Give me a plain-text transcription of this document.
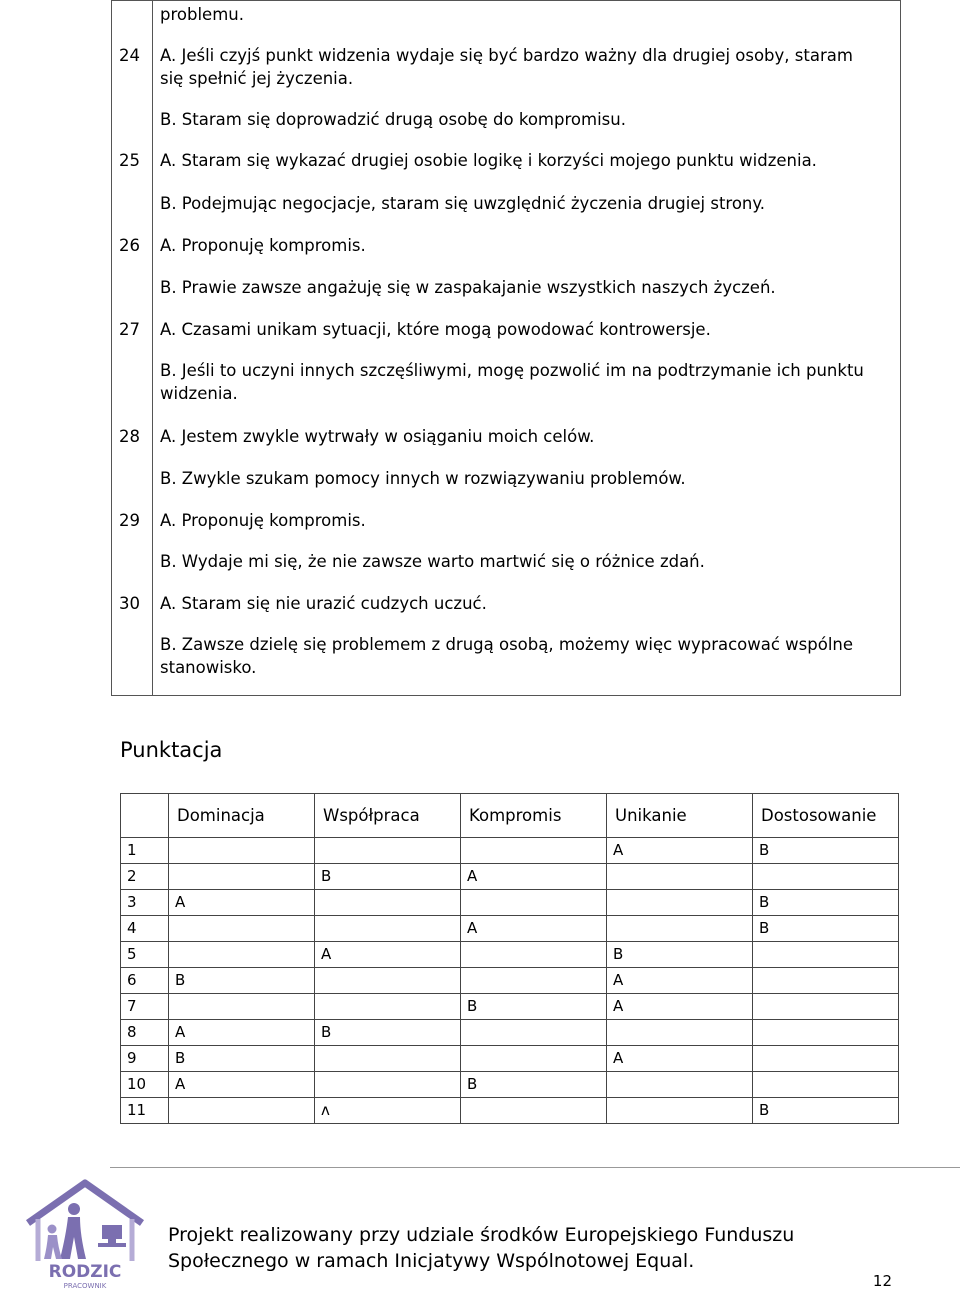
problemu.
24 A. Jeśli czyjś punkt widzenia wydaje się być bardzo ważny dla drugiej osoby, staram
się spełnić jej życzenia.
B. Staram się doprowadzić drugą osobę do kompromisu.
25 A. Staram się wykazać drugiej osobie logikę i korzyści mojego punktu widzenia.
B. Podejmując negocjacje, staram się uwzględnić życzenia drugiej strony.
26 A. Proponuję kompromis.
B. Prawie zawsze angażuję się w zaspakajanie wszystkich naszych życzeń.
27 A. Czasami unikam sytuacji, które mogą powodować kontrowersje.
B. Jeśli to uczyni innych szczęśliwymi, mogę pozwolić im na podtrzymanie ich punktu
widzenia.
28 A. Jestem zwykle wytrwały w osiąganiu moich celów.
B. Zwykle szukam pomocy innych w rozwiązywaniu problemów.
29 A. Proponuję kompromis.
B. Wydaje mi się, że nie zawsze warto martwić się o różnice zdań.
30 A. Staram się nie urazić cudzych uczuć.
B. Zawsze dzielę się problemem z drugą osobą, możemy więc wypracować wspólne
stanowisko.
Punktacja
	Dominacja	Współpraca	Kompromis	Unikanie	Dostosowanie
1				A	B
2		B	A		
3	A				B
4			A		B
5		A		B	
6	B			A	
7			B	A	
8	A	B			
9	B			A	
10	A		B		
11		ʌ			B
RODZIC
PRACOWNIK
Projekt realizowany przy udziale środków Europejskiego Funduszu
Społecznego w ramach Inicjatywy Wspólnotowej Equal.
12
